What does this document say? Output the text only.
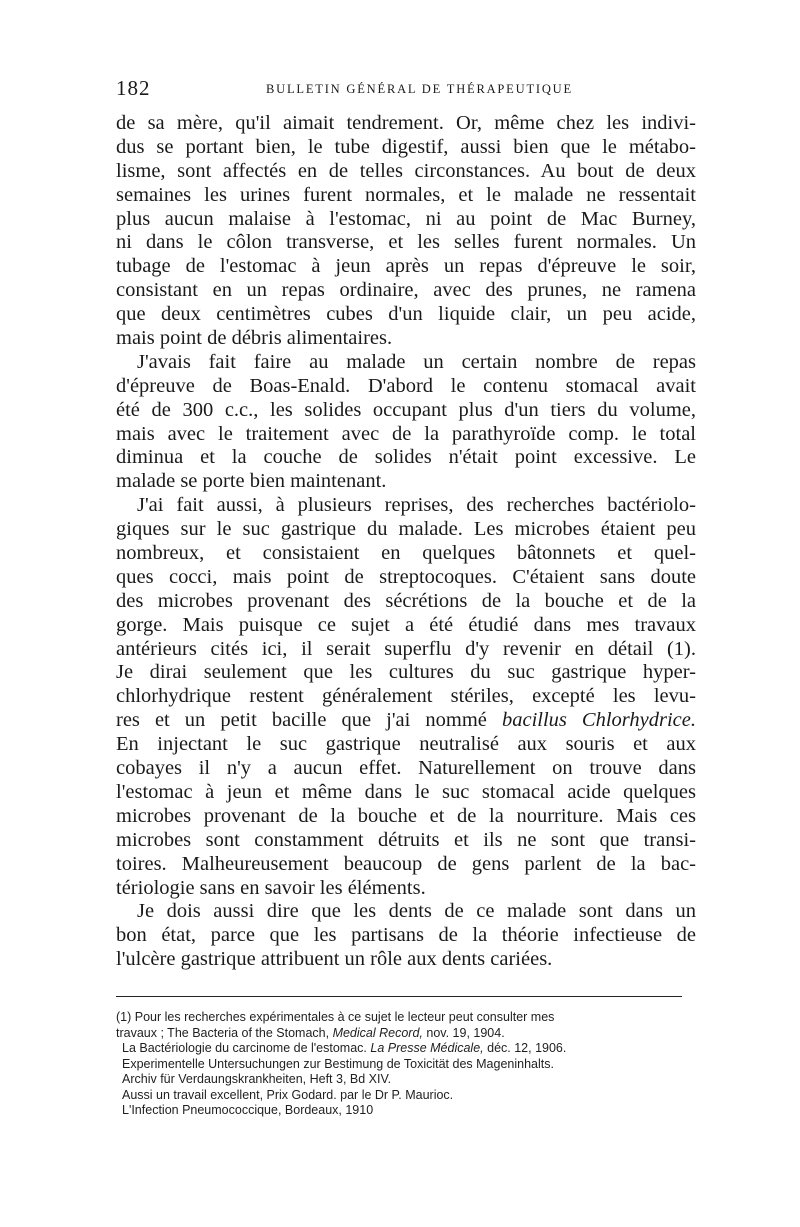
182	BULLETIN GÉNÉRAL DE THÉRAPEUTIQUE
de sa mère, qu'il aimait tendrement. Or, même chez les indivi-
dus se portant bien, le tube digestif, aussi bien que le métabo-
lisme, sont affectés en de telles circonstances. Au bout de deux
semaines les urines furent normales, et le malade ne ressentait
plus aucun malaise à l'estomac, ni au point de Mac Burney,
ni dans le côlon transverse, et les selles furent normales. Un
tubage de l'estomac à jeun après un repas d'épreuve le soir,
consistant en un repas ordinaire, avec des prunes, ne ramena
que deux centimètres cubes d'un liquide clair, un peu acide,
mais point de débris alimentaires.
J'avais fait faire au malade un certain nombre de repas
d'épreuve de Boas-Enald. D'abord le contenu stomacal avait
été de 300 c.c., les solides occupant plus d'un tiers du volume,
mais avec le traitement avec de la parathyroïde comp. le total
diminua et la couche de solides n'était point excessive. Le
malade se porte bien maintenant.
J'ai fait aussi, à plusieurs reprises, des recherches bactériolo-
giques sur le suc gastrique du malade. Les microbes étaient peu
nombreux, et consistaient en quelques bâtonnets et quel-
ques cocci, mais point de streptocoques. C'étaient sans doute
des microbes provenant des sécrétions de la bouche et de la
gorge. Mais puisque ce sujet a été étudié dans mes travaux
antérieurs cités ici, il serait superflu d'y revenir en détail (1).
Je dirai seulement que les cultures du suc gastrique hyper-
chlorhydrique restent généralement stériles, excepté les levu-
res et un petit bacille que j'ai nommé bacillus Chlorhydrice.
En injectant le suc gastrique neutralisé aux souris et aux
cobayes il n'y a aucun effet. Naturellement on trouve dans
l'estomac à jeun et même dans le suc stomacal acide quelques
microbes provenant de la bouche et de la nourriture. Mais ces
microbes sont constamment détruits et ils ne sont que transi-
toires. Malheureusement beaucoup de gens parlent de la bac-
tériologie sans en savoir les éléments.
Je dois aussi dire que les dents de ce malade sont dans un
bon état, parce que les partisans de la théorie infectieuse de
l'ulcère gastrique attribuent un rôle aux dents cariées.
(1) Pour les recherches expérimentales à ce sujet le lecteur peut consulter mes
travaux ; The Bacteria of the Stomach, Medical Record, nov. 19, 1904.
La Bactériologie du carcinome de l'estomac. La Presse Médicale, déc. 12, 1906.
Experimentelle Untersuchungen zur Bestimung de Toxicität des Mageninhalts.
Archiv für Verdaungskrankheiten, Heft 3, Bd XIV.
Aussi un travail excellent, Prix Godard. par le Dr P. Maurioc.
L'Infection Pneumococcique, Bordeaux, 1910
